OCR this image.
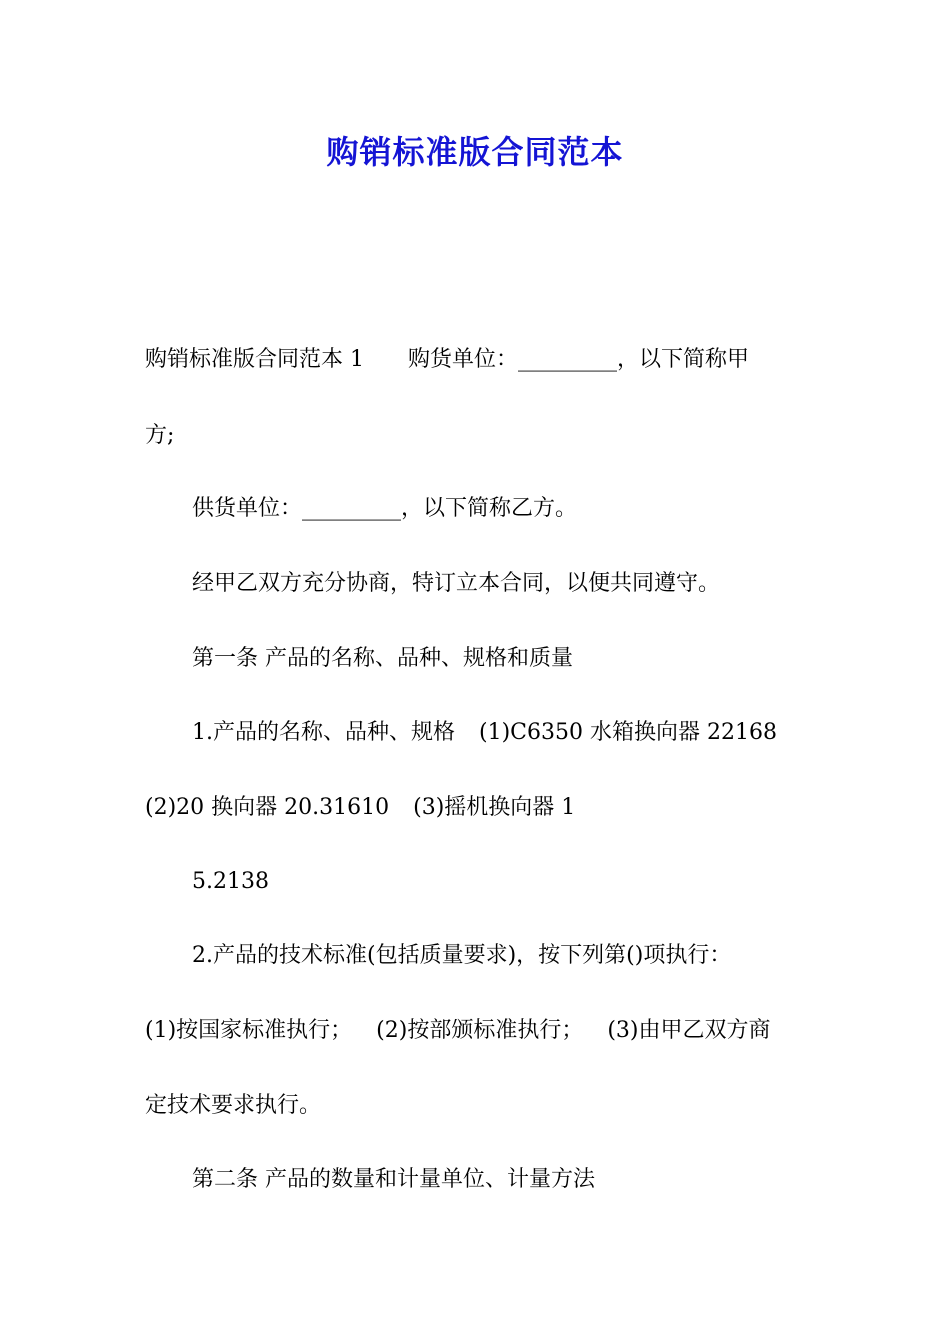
购销标准版合同范本
购销标准版合同范本 1 购货单位：_________，以下简称甲
方;
供货单位：_________，以下简称乙方。
经甲乙双方充分协商，特订立本合同，以便共同遵守。
第一条 产品的名称、品种、规格和质量
1.产品的名称、品种、规格 (1)C6350 水箱换向器 22168
(2)20 换向器 20.31610 (3)摇机换向器 1
5.2138
2.产品的技术标准(包括质量要求)，按下列第()项执行：
(1)按国家标准执行； (2)按部颁标准执行； (3)由甲乙双方商
定技术要求执行。
第二条 产品的数量和计量单位、计量方法
